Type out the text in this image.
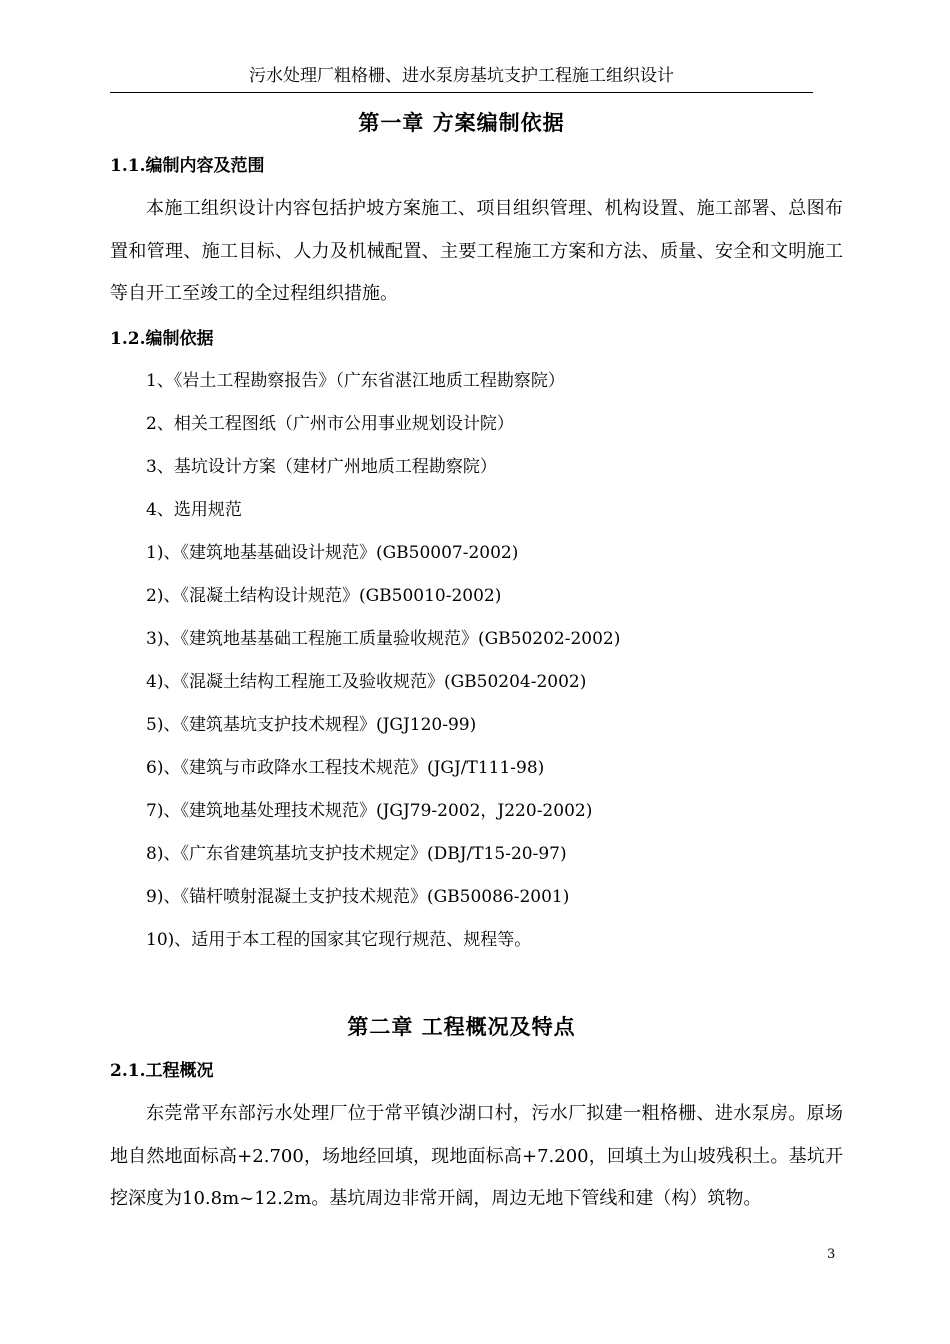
污水处理厂粗格栅、进水泵房基坑支护工程施工组织设计
第一章 方案编制依据
1.1.编制内容及范围
本施工组织设计内容包括护坡方案施工、项目组织管理、机构设置、施工部署、总图布置和管理、施工目标、人力及机械配置、主要工程施工方案和方法、质量、安全和文明施工等自开工至竣工的全过程组织措施。
1.2.编制依据
1、《岩土工程勘察报告》（广东省湛江地质工程勘察院）
2、相关工程图纸（广州市公用事业规划设计院）
3、基坑设计方案（建材广州地质工程勘察院）
4、选用规范
1)、《建筑地基基础设计规范》(GB50007-2002)
2)、《混凝土结构设计规范》(GB50010-2002)
3)、《建筑地基基础工程施工质量验收规范》(GB50202-2002)
4)、《混凝土结构工程施工及验收规范》(GB50204-2002)
5)、《建筑基坑支护技术规程》(JGJ120-99)
6)、《建筑与市政降水工程技术规范》(JGJ/T111-98)
7)、《建筑地基处理技术规范》(JGJ79-2002，J220-2002)
8)、《广东省建筑基坑支护技术规定》(DBJ/T15-20-97)
9)、《锚杆喷射混凝土支护技术规范》(GB50086-2001)
10)、适用于本工程的国家其它现行规范、规程等。
第二章 工程概况及特点
2.1.工程概况
东莞常平东部污水处理厂位于常平镇沙湖口村，污水厂拟建一粗格栅、进水泵房。原场地自然地面标高+2.700，场地经回填，现地面标高+7.200，回填土为山坡残积土。基坑开挖深度为10.8m~12.2m。基坑周边非常开阔，周边无地下管线和建（构）筑物。
3
